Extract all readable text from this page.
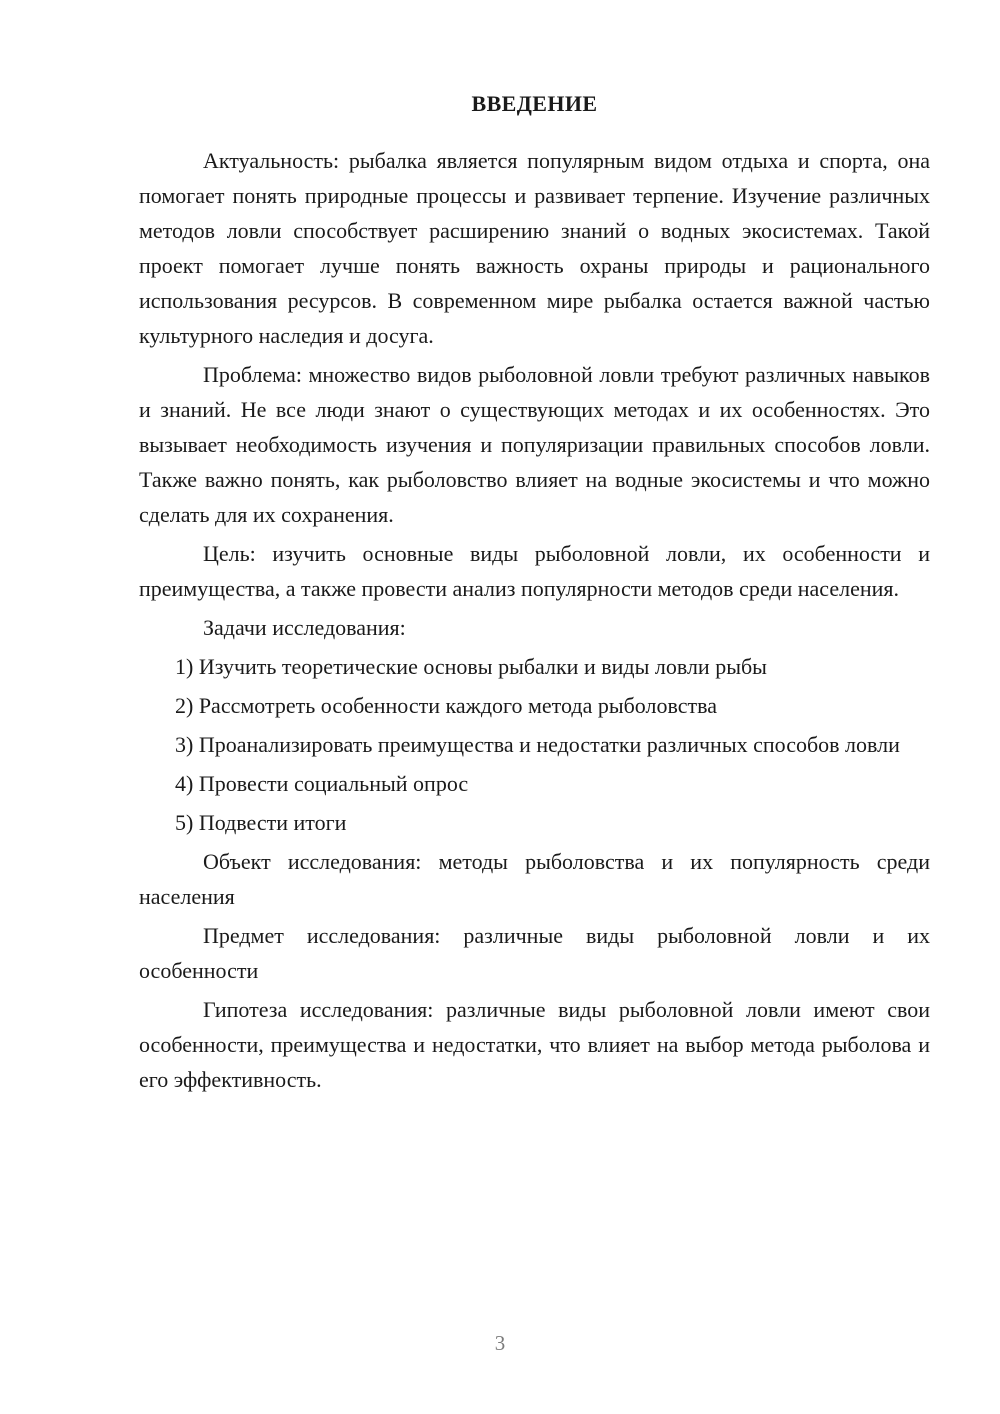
ВВЕДЕНИЕ

Актуальность: рыбалка является популярным видом отдыха и спорта, она помогает понять природные процессы и развивает терпение. Изучение различных методов ловли способствует расширению знаний о водных экосистемах. Такой проект помогает лучше понять важность охраны природы и рационального использования ресурсов. В современном мире рыбалка остается важной частью культурного наследия и досуга.

Проблема: множество видов рыболовной ловли требуют различных навыков и знаний. Не все люди знают о существующих методах и их особенностях. Это вызывает необходимость изучения и популяризации правильных способов ловли. Также важно понять, как рыболовство влияет на водные экосистемы и что можно сделать для их сохранения.

Цель: изучить основные виды рыболовной ловли, их особенности и преимущества, а также провести анализ популярности методов среди населения.

Задачи исследования:

1) Изучить теоретические основы рыбалки и виды ловли рыбы

2) Рассмотреть особенности каждого метода рыболовства

3) Проанализировать преимущества и недостатки различных способов ловли

4) Провести социальный опрос

5) Подвести итоги

Объект исследования: методы рыболовства и их популярность среди населения

Предмет исследования: различные виды рыболовной ловли и их особенности

Гипотеза исследования: различные виды рыболовной ловли имеют свои особенности, преимущества и недостатки, что влияет на выбор метода рыболова и его эффективность.

3
